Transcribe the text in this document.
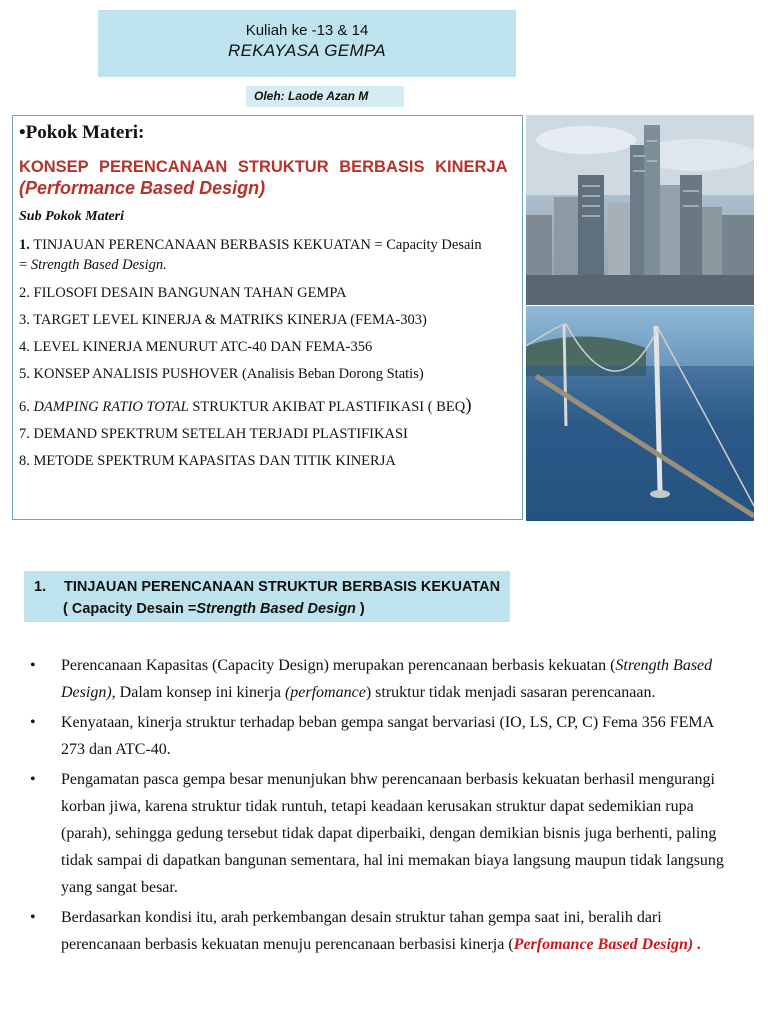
Kuliah ke -13 & 14
REKAYASA GEMPA
Oleh: Laode Azan M
•Pokok Materi:
KONSEP PERENCANAAN STRUKTUR BERBASIS KINERJA
(Performance Based Design)
Sub Pokok Materi
1. TINJAUAN PERENCANAAN BERBASIS KEKUATAN = Capacity Desain
= Strength Based Design.
2. FILOSOFI DESAIN BANGUNAN TAHAN GEMPA
3. TARGET LEVEL KINERJA & MATRIKS KINERJA (FEMA-303)
4. LEVEL KINERJA MENURUT ATC-40 DAN FEMA-356
5. KONSEP ANALISIS PUSHOVER (Analisis Beban Dorong Statis)
6. DAMPING RATIO TOTAL STRUKTUR AKIBAT PLASTIFIKASI ( BEQ)
7. DEMAND SPEKTRUM SETELAH TERJADI PLASTIFIKASI
8. METODE SPEKTRUM KAPASITAS DAN TITIK KINERJA
1. TINJAUAN PERENCANAAN STRUKTUR BERBASIS KEKUATAN
( Capacity Desain =Strength Based Design )
• Perencanaan Kapasitas (Capacity Design) merupakan perencanaan berbasis kekuatan (Strength Based Design), Dalam konsep ini kinerja (perfomance) struktur tidak menjadi sasaran perencanaan.
• Kenyataan, kinerja struktur terhadap beban gempa sangat bervariasi (IO, LS, CP, C) Fema 356 FEMA 273 dan ATC-40.
• Pengamatan pasca gempa besar menunjukan bhw perencanaan berbasis kekuatan berhasil mengurangi korban jiwa, karena struktur tidak runtuh, tetapi keadaan kerusakan struktur dapat sedemikian rupa (parah), sehingga gedung tersebut tidak dapat diperbaiki, dengan demikian bisnis juga berhenti, paling tidak sampai di dapatkan bangunan sementara, hal ini memakan biaya langsung maupun tidak langsung yang sangat besar.
• Berdasarkan kondisi itu, arah perkembangan desain struktur tahan gempa saat ini, beralih dari perencanaan berbasis kekuatan menuju perencanaan berbasisi kinerja (Perfomance Based Design) .
